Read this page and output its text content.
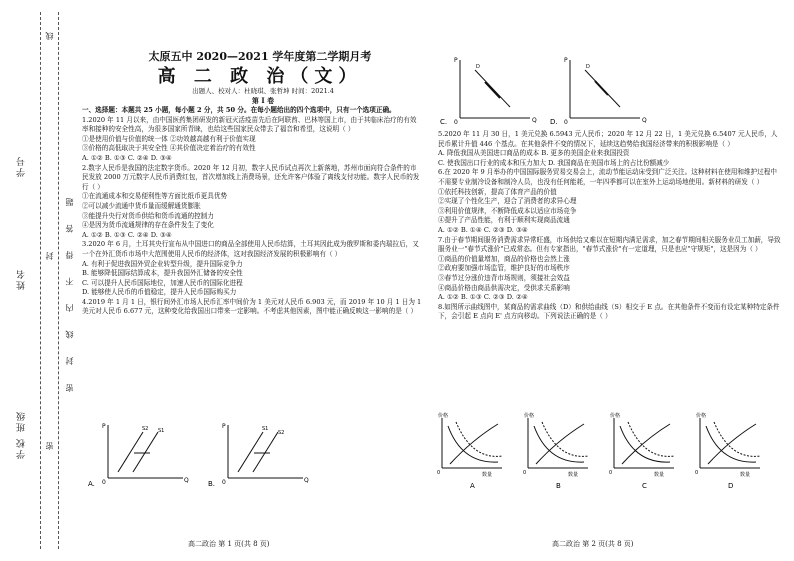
学号
姓名
学校 班级
密 封 线 内 不 得 答 题
线
封
密
太原五中 2020—2021 学年度第二学期月考
高 二 政 治（文）
出题人、校对人：杜晓琪、张哲坤 时间：2021.4
第 I 卷

一、选择题：本题共 25 小题，每小题 2 分，共 50 分。在每小题给出的四个选项中，只有一个选项正确。

1.2020 年 11 月以来，由中国医药集团研发的新冠灭活疫苗先后在阿联酋、巴林等国上市，由于其临床治疗的有效率和接种的安全性高，为很多国家所青睐，也给这些国家民众带去了福音和希望，这说明（ ）

①是使用价值与价值的统一体 ②功效越高越有利于价值实现

③价格的高低取决于其安全性 ④其价值决定着治疗的有效性

A. ①② B. ①③ C. ②④ D. ③④

2.数字人民币是我国的法定数字货币。2020 年 12 月初，数字人民币试点再次上新落地，苏州市面向符合条件的市民发放 2000 万元数字人民币消费红包，首次增加线上消费场景，还允许客户体验了离线支付功能。数字人民币的发行（ ）

①在流通成本和交易便利性等方面比纸币更具优势

②可以减少流通中货币量而缓解通货膨胀

③能提升央行对货币供给和货币流通的控制力

④是因为货币流通规律的存在条件发生了变化

A. ①② B. ①③ C. ②④ D. ③④

3.2020 年 6 月，土耳其央行宣布从中国进口的商品全部使用人民币结算，土耳其因此成为俄罗斯和委内瑞拉后，又一个在外汇货币市场中大范围使用人民币的经济体，这对我国经济发展的积极影响有（ ）

A. 有利于促进我国外贸企业转型升级，提升国际竞争力

B. 能够降低国际结算成本，提升我国外汇储备的安全性

C. 可以提升人民币国际地位，加速人民币的国际化进程

D. 能够使人民币的币值稳定，提升人民币国际购买力

4.2019 年 1 月 1 日，银行间外汇市场人民币汇率中间价为 1 美元对人民币 6.903 元，而 2019 年 10 月 1 日为 1 美元对人民币 6.677 元，这种变化给我国出口带来一定影响。不考虑其他因素，图中能正确反映这一影响的是（ ）

A.
P
Q
0
S2 S1
B.
P
Q
0
S1
S2
高二政治 第 1 页(共 8 页)
C.
P
Q
0
D
D.
P
Q
0
D

5.2020 年 11 月 30 日，1 美元兑换 6.5943 元人民币；2020 年 12 月 22 日，1 美元兑换 6.5407 元人民币，人民币累计升值 446 个基点。在其他条件不变的情况下，延续这趋势给我国经济带来的积极影响是（ ）

A. 降低我国从美国进口商品的成本 B. 更多的美国企业来我国投资

C. 使我国出口行业的成本和压力加大 D. 我国商品在美国市场上的占比份额减少

6.在 2020 年 9 月举办的中国国际服务贸易交易会上，流动节能运动床受到广泛关注。这种材料在使用和维护过程中不需要专业制冷设备和制冷人员，也没有任何能耗，一年四季都可以在室外上运动场地使用。新材料的研发（ ）

①依托科技创新，提高了体育产品的价值

②实现了个性化生产，迎合了消费者的求异心理

③利用价值规律，不断降低成本以适应市场竞争

④提升了产品性能，有利于顺利实现商品流通

A. ①② B. ①④ C. ②③ D. ③④

7.由于春节期间服务消费需求异常旺盛，市场供给又难以在短期内满足需求，加之春节期间相关服务业员工加薪，导致服务业一"春节式涨价"已成常态。但有专家指出，"春节式涨价"有一定道理，只是也应"守规矩"，这是因为（ ）

①商品的价值量增加，商品的价格也会然上涨

②政府要加强市场监管，维护良好的市场秩序

③春节过分涨价违背市场规则，须接社会效益

④商品价格由商品供需决定，受供求关系影响

A. ①② B. ①③ C. ②③ D. ②④

8.如图所示曲线图中，某商品的需求曲线（D）和供给曲线（S）相交于 E 点。在其他条件不变而有设定某种特定条件下，会引起 E 点向 E' 点方向移动。下列说法正确的是（ ）

价格
数量
0
A
价格
数量
0
B
价格
数量
0
C
价格
数量
0
D
高二政治 第 2 页(共 8 页)
